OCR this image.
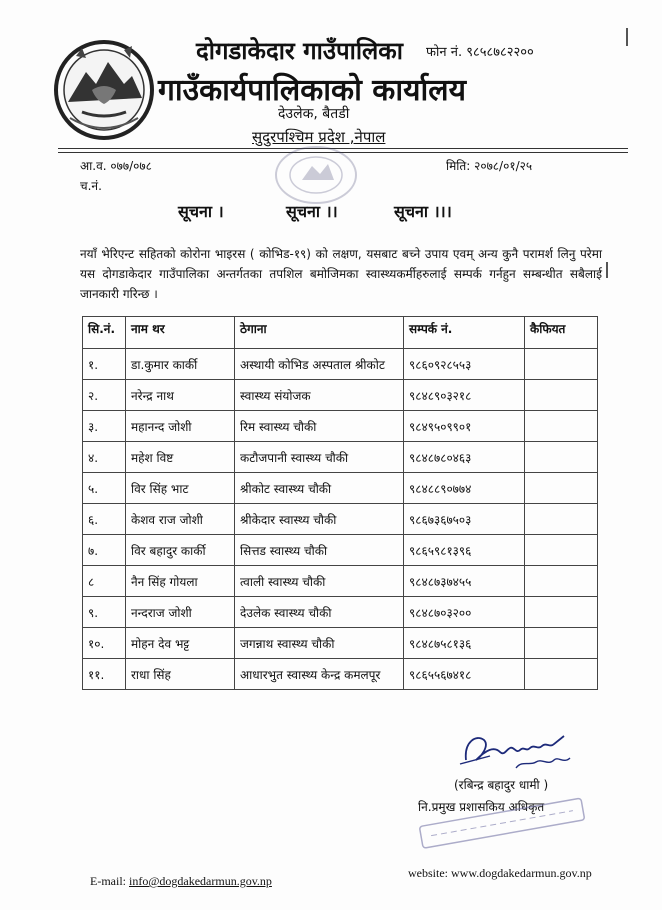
दोगडाकेदार गाउँपालिका
गाउँकार्यपालिकाको कार्यालय
देउलेक, बैतडी
सुदुरपश्चिम प्रदेश ,नेपाल
फोन नं. ९८५८७८२२००
आ.व. ०७७/०७८
च.नं.
मिति: २०७८/०१/२५
सूचना ।	सूचना ।।	सूचना ।।।
नयाँ भेरिएन्ट सहितको कोरोना भाइरस ( कोभिड-१९) को लक्षण, यसबाट बच्ने उपाय एवम् अन्य कुनै परामर्श लिनु परेमा यस दोगडाकेदार गाउँपालिका अन्तर्गतका तपशिल बमोजिमका स्वास्थ्यकर्मीहरुलाई सम्पर्क गर्नहुन सम्बन्धीत सबैलाई जानकारी गरिन्छ ।
सि.नं.	नाम थर	ठेगाना	सम्पर्क नं.	कैफियत
१.	डा.कुमार कार्की	अस्थायी कोभिड अस्पताल श्रीकोट	९८६०९२८५५३	
२.	नरेन्द्र नाथ	स्वास्थ्य संयोजक	९८४८९०३२१८	
३.	महानन्द जोशी	रिम स्वास्थ्य चौकी	९८४९५०९९०१	
४.	महेश विष्ट	कटौजपानी स्वास्थ्य चौकी	९८४८७८०४६३	
५.	विर सिंह भाट	श्रीकोट स्वास्थ्य चौकी	९८४८८९०७७४	
६.	केशव राज जोशी	श्रीकेदार स्वास्थ्य चौकी	९८६७३६७५०३	
७.	विर बहादुर कार्की	सित्तड स्वास्थ्य चौकी	९८६५९८१३९६	
८	नैन सिंह गोयला	त्वाली स्वास्थ्य चौकी	९८४८७३७४५५	
९.	नन्दराज जोशी	देउलेक स्वास्थ्य चौकी	९८४८७०३२००	
१०.	मोहन देव भट्ट	जगन्नाथ स्वास्थ्य चौकी	९८४८७५८१३६	
११.	राधा सिंह	आधारभुत स्वास्थ्य केन्द्र कमलपूर	९८६५५६७४१८	
(रबिन्द्र बहादुर धामी )
नि.प्रमुख प्रशासकिय अधिकृत
E-mail: info@dogdakedarmun.gov.np
website: www.dogdakedarmun.gov.np
